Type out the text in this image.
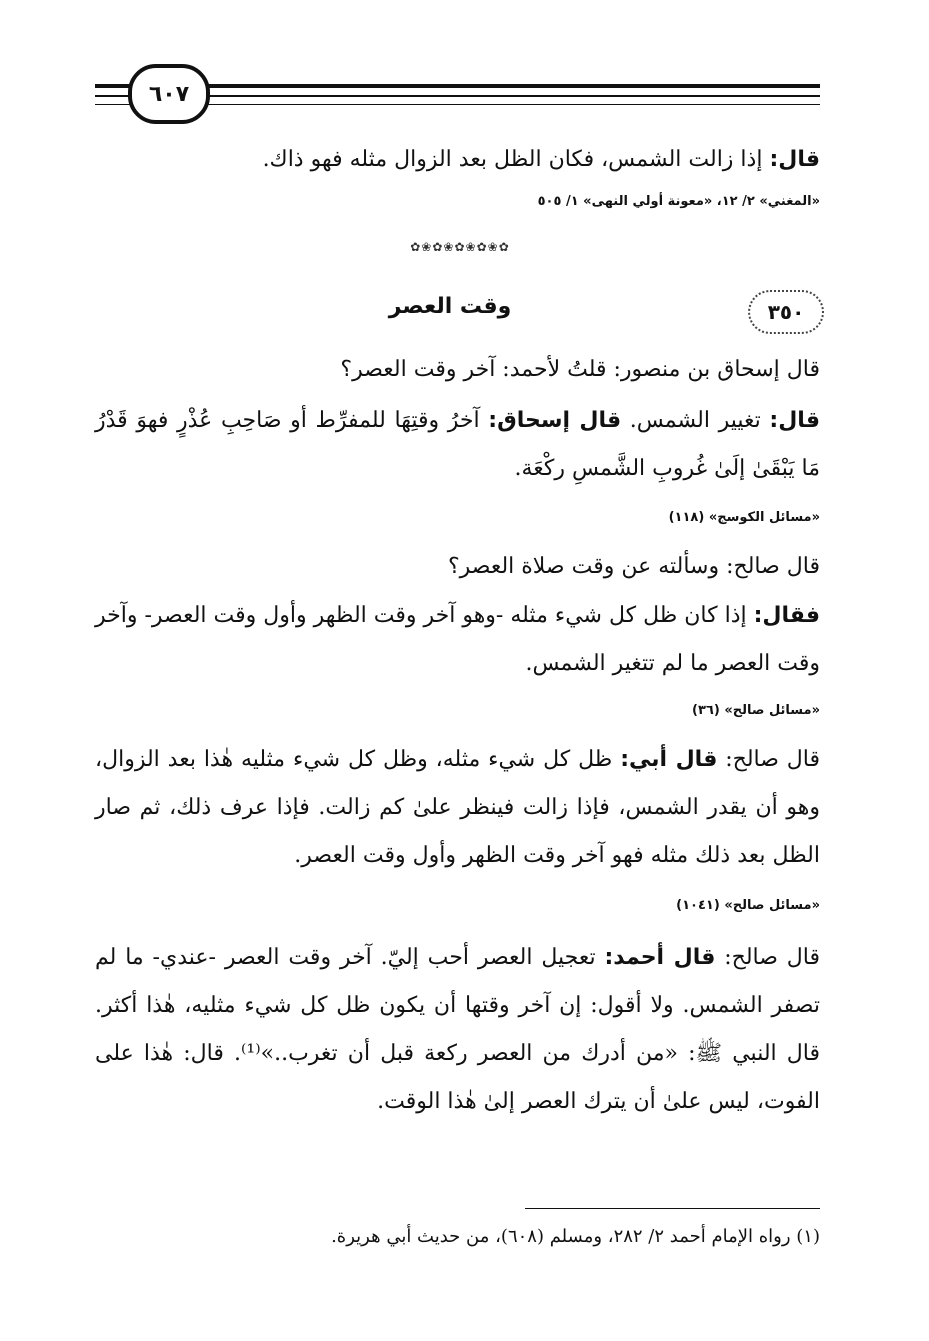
٦٠٧

قال: إذا زالت الشمس، فكان الظل بعد الزوال مثله فهو ذاك.

«المغني» ٢/ ١٢، «معونة أولي النهى» ١/ ٥٠٥

✿❀✿❀✿❀✿❀✿
٣٥٠
وقت العصر

قال إسحاق بن منصور: قلتُ لأحمد: آخر وقت العصر؟

قال: تغيير الشمس. قال إسحاق: آخرُ وقتِهَا للمفرِّط أو صَاحِبِ عُذْرٍ فهوَ قَدْرُ مَا يَبْقَىٰ إلَىٰ غُروبِ الشَّمسِ ركْعَة.

«مسائل الكوسج» (١١٨)

قال صالح: وسألته عن وقت صلاة العصر؟

فقال: إذا كان ظل كل شيء مثله -وهو آخر وقت الظهر وأول وقت العصر- وآخر وقت العصر ما لم تتغير الشمس.

«مسائل صالح» (٣٦)

قال صالح: قال أبي: ظل كل شيء مثله، وظل كل شيء مثليه هٰذا بعد الزوال، وهو أن يقدر الشمس، فإذا زالت فينظر علىٰ كم زالت. فإذا عرف ذلك، ثم صار الظل بعد ذلك مثله فهو آخر وقت الظهر وأول وقت العصر.

«مسائل صالح» (١٠٤١)

قال صالح: قال أحمد: تعجيل العصر أحب إليّ. آخر وقت العصر -عندي- ما لم تصفر الشمس. ولا أقول: إن آخر وقتها أن يكون ظل كل شيء مثليه، هٰذا أكثر. قال النبي ﷺ: «من أدرك من العصر ركعة قبل أن تغرب..»⁽¹⁾. قال: هٰذا على الفوت، ليس علىٰ أن يترك العصر إلىٰ هٰذا الوقت.

(١) رواه الإمام أحمد ٢/ ٢٨٢، ومسلم (٦٠٨)، من حديث أبي هريرة.
